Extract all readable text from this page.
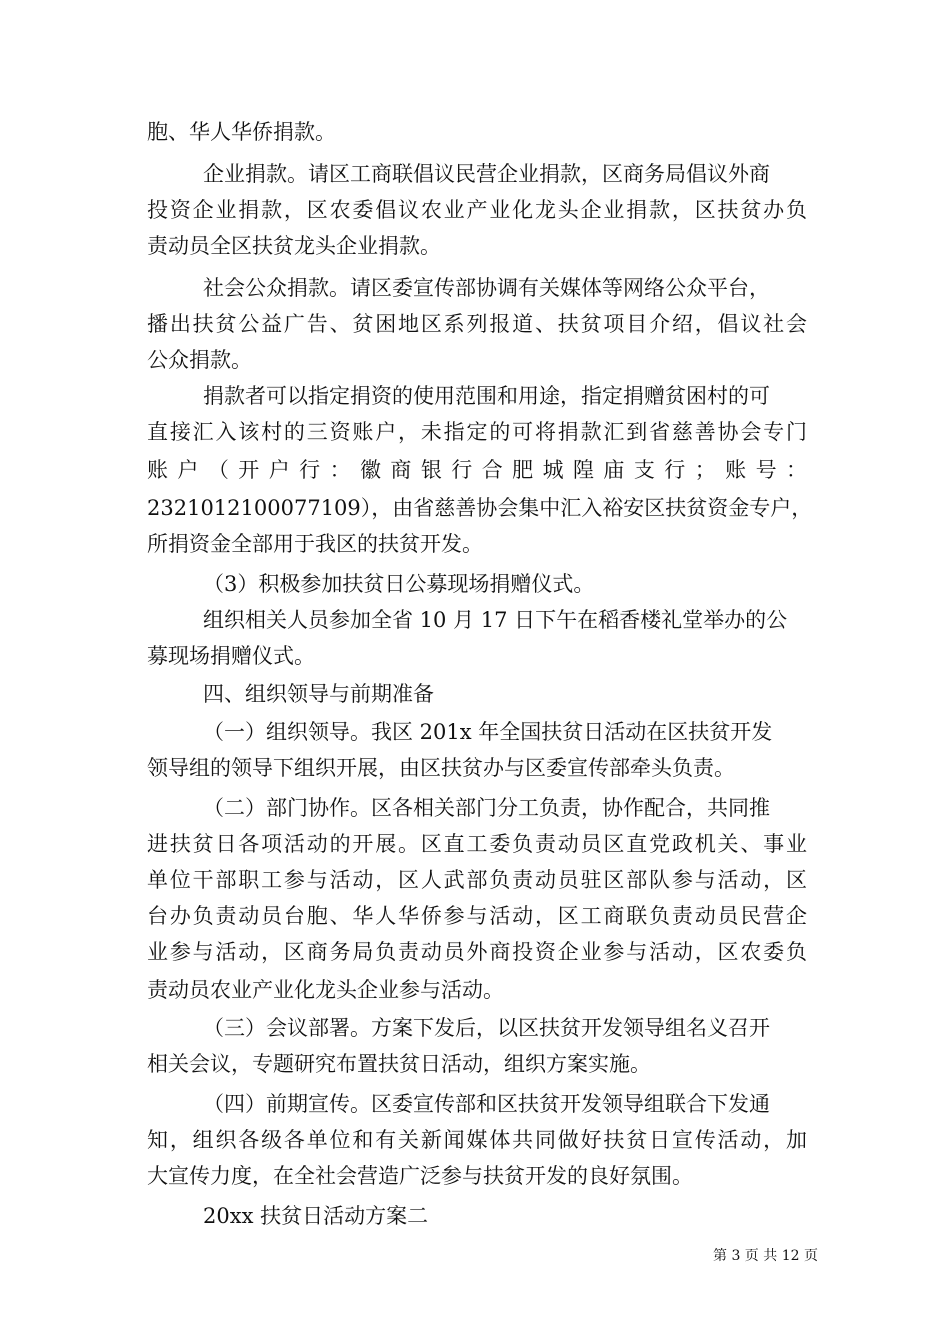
胞、华人华侨捐款。

企业捐款。请区工商联倡议民营企业捐款，区商务局倡议外商

投资企业捐款，区农委倡议农业产业化龙头企业捐款，区扶贫办负

责动员全区扶贫龙头企业捐款。

社会公众捐款。请区委宣传部协调有关媒体等网络公众平台，

播出扶贫公益广告、贫困地区系列报道、扶贫项目介绍，倡议社会

公众捐款。

捐款者可以指定捐资的使用范围和用途，指定捐赠贫困村的可

直接汇入该村的三资账户，未指定的可将捐款汇到省慈善协会专门

账户（开户行：徽商银行合肥城隍庙支行；账号：

2321012100077109），由省慈善协会集中汇入裕安区扶贫资金专户，

所捐资金全部用于我区的扶贫开发。

（3）积极参加扶贫日公募现场捐赠仪式。

组织相关人员参加全省 10 月 17 日下午在稻香楼礼堂举办的公

募现场捐赠仪式。

四、组织领导与前期准备

（一）组织领导。我区 201x 年全国扶贫日活动在区扶贫开发

领导组的领导下组织开展，由区扶贫办与区委宣传部牵头负责。

（二）部门协作。区各相关部门分工负责，协作配合，共同推

进扶贫日各项活动的开展。区直工委负责动员区直党政机关、事业

单位干部职工参与活动，区人武部负责动员驻区部队参与活动，区

台办负责动员台胞、华人华侨参与活动，区工商联负责动员民营企

业参与活动，区商务局负责动员外商投资企业参与活动，区农委负

责动员农业产业化龙头企业参与活动。

（三）会议部署。方案下发后，以区扶贫开发领导组名义召开

相关会议，专题研究布置扶贫日活动，组织方案实施。

（四）前期宣传。区委宣传部和区扶贫开发领导组联合下发通

知，组织各级各单位和有关新闻媒体共同做好扶贫日宣传活动，加

大宣传力度，在全社会营造广泛参与扶贫开发的良好氛围。

20xx 扶贫日活动方案二

第 3 页 共 12 页
